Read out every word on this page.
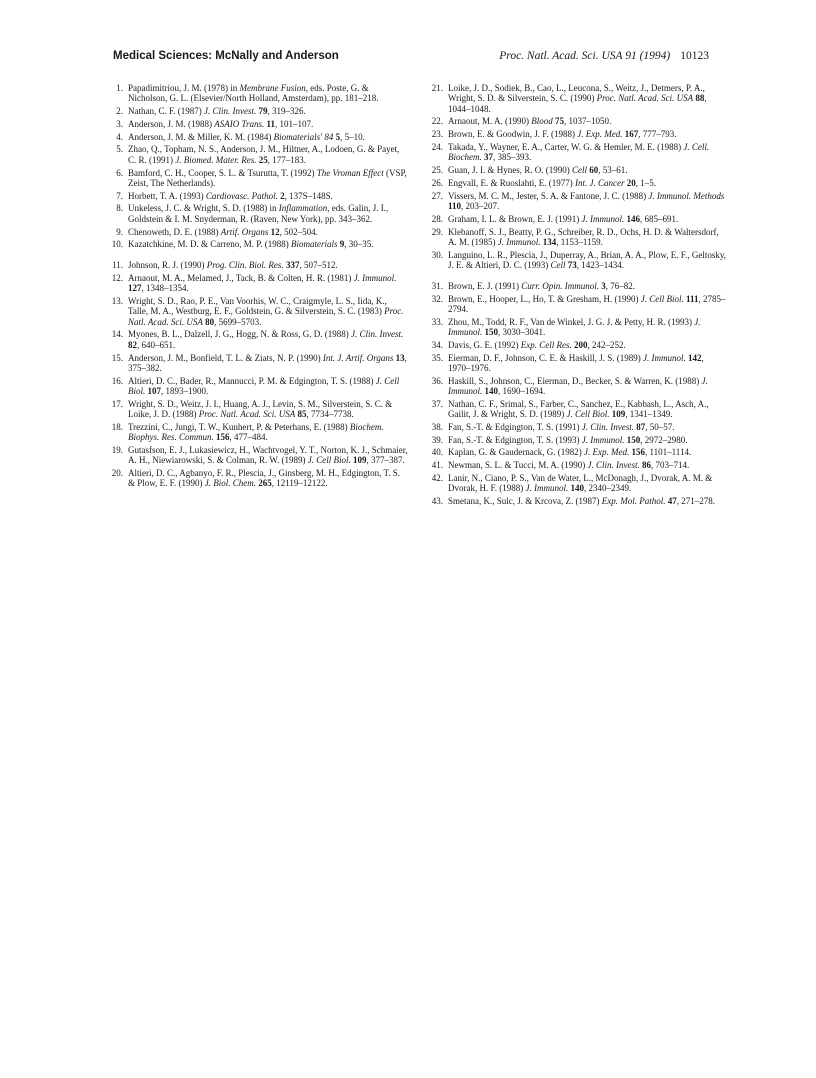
Medical Sciences: McNally and Anderson	Proc. Natl. Acad. Sci. USA 91 (1994) 10123
1. Papadimitriou, J. M. (1978) in Membrane Fusion, eds. Poste, G. & Nicholson, G. L. (Elsevier/North Holland, Amsterdam), pp. 181–218.
2. Nathan, C. F. (1987) J. Clin. Invest. 79, 319–326.
3. Anderson, J. M. (1988) ASAIO Trans. 11, 101–107.
4. Anderson, J. M. & Miller, K. M. (1984) Biomaterials' 84 5, 5–10.
5. Zhao, Q., Topham, N. S., Anderson, J. M., Hiltner, A., Lodoen, G. & Payet, C. R. (1991) J. Biomed. Mater. Res. 25, 177–183.
6. Bamford, C. H., Cooper, S. L. & Tsurutta, T. (1992) The Vroman Effect (VSP, Zeist, The Netherlands).
7. Horbett, T. A. (1993) Cardiovasc. Pathol. 2, 137S–148S.
8. Unkeless, J. C. & Wright, S. D. (1988) in Inflammation, eds. Galin, J. I., Goldstein & I. M. Snyderman, R. (Raven, New York), pp. 343–362.
9. Chenoweth, D. E. (1988) Artif. Organs 12, 502–504.
10. Kazatchkine, M. D. & Carreno, M. P. (1988) Biomaterials 9, 30–35.
11. Johnson, R. J. (1990) Prog. Clin. Biol. Res. 337, 507–512.
12. Arnaout, M. A., Melamed, J., Tack, B. & Colten, H. R. (1981) J. Immunol. 127, 1348–1354.
13. Wright, S. D., Rao, P. E., Van Voorhis, W. C., Craigmyle, L. S., Iida, K., Talle, M. A., Westburg, E. F., Goldstein, G. & Silverstein, S. C. (1983) Proc. Natl. Acad. Sci. USA 80, 5699–5703.
14. Myones, B. L., Dalzell, J. G., Hogg, N. & Ross, G. D. (1988) J. Clin. Invest. 82, 640–651.
15. Anderson, J. M., Bonfield, T. L. & Ziats, N. P. (1990) Int. J. Artif. Organs 13, 375–382.
16. Altieri, D. C., Bader, R., Mannucci, P. M. & Edgington, T. S. (1988) J. Cell Biol. 107, 1893–1900.
17. Wright, S. D., Weitz, J. I., Huang, A. J., Levin, S. M., Silverstein, S. C. & Loike, J. D. (1988) Proc. Natl. Acad. Sci. USA 85, 7734–7738.
18. Trezzini, C., Jungi, T. W., Kunhert, P. & Peterhans, E. (1988) Biochem. Biophys. Res. Commun. 156, 477–484.
19. Gutasfson, E. J., Lukasiewicz, H., Wachtvogel, Y. T., Norton, K. J., Schmaier, A. H., Niewiarowski, S. & Colman, R. W. (1989) J. Cell Biol. 109, 377–387.
20. Altieri, D. C., Agbanyo, F. R., Plescia, J., Ginsberg, M. H., Edgington, T. S. & Plow, E. F. (1990) J. Biol. Chem. 265, 12119–12122.
21. Loike, J. D., Sodiek, B., Cao, L., Leucona, S., Weitz, J., Detmers, P. A., Wright, S. D. & Silverstein, S. C. (1990) Proc. Natl. Acad. Sci. USA 88, 1044–1048.
22. Arnaout, M. A. (1990) Blood 75, 1037–1050.
23. Brown, E. & Goodwin, J. F. (1988) J. Exp. Med. 167, 777–793.
24. Takada, Y., Wayner, E. A., Carter, W. G. & Hemler, M. E. (1988) J. Cell. Biochem. 37, 385–393.
25. Guan, J. I. & Hynes, R. O. (1990) Cell 60, 53–61.
26. Engvall, E. & Ruoslahti, E. (1977) Int. J. Cancer 20, 1–5.
27. Vissers, M. C. M., Jester, S. A. & Fantone, J. C. (1988) J. Immunol. Methods 110, 203–207.
28. Graham, I. L. & Brown, E. J. (1991) J. Immunol. 146, 685–691.
29. Klebanoff, S. J., Beatty, P. G., Schreiber, R. D., Ochs, H. D. & Waltersdorf, A. M. (1985) J. Immunol. 134, 1153–1159.
30. Languino, L. R., Plescia, J., Duperray, A., Brian, A. A., Plow, E. F., Geltosky, J. E. & Altieri, D. C. (1993) Cell 73, 1423–1434.
31. Brown, E. J. (1991) Curr. Opin. Immunol. 3, 76–82.
32. Brown, E., Hooper, L., Ho, T. & Gresham, H. (1990) J. Cell Biol. 111, 2785–2794.
33. Zhou, M., Todd, R. F., Van de Winkel, J. G. J. & Petty, H. R. (1993) J. Immunol. 150, 3030–3041.
34. Davis, G. E. (1992) Exp. Cell Res. 200, 242–252.
35. Eierman, D. F., Johnson, C. E. & Haskill, J. S. (1989) J. Immunol. 142, 1970–1976.
36. Haskill, S., Johnson, C., Eierman, D., Becker, S. & Warren, K. (1988) J. Immunol. 140, 1690–1694.
37. Nathan, C. F., Srimal, S., Farber, C., Sanchez, E., Kabbash, L., Asch, A., Gailit, J. & Wright, S. D. (1989) J. Cell Biol. 109, 1341–1349.
38. Fan, S.-T. & Edgington, T. S. (1991) J. Clin. Invest. 87, 50–57.
39. Fan, S.-T. & Edgington, T. S. (1993) J. Immunol. 150, 2972–2980.
40. Kaplan, G. & Gaudernack, G. (1982) J. Exp. Med. 156, 1101–1114.
41. Newman, S. L. & Tucci, M. A. (1990) J. Clin. Invest. 86, 703–714.
42. Lanir, N., Ciano, P. S., Van de Water, L., McDonagh, J., Dvorak, A. M. & Dvorak, H. F. (1988) J. Immunol. 140, 2340–2349.
43. Smetana, K., Sulc, J. & Krcova, Z. (1987) Exp. Mol. Pathol. 47, 271–278.
